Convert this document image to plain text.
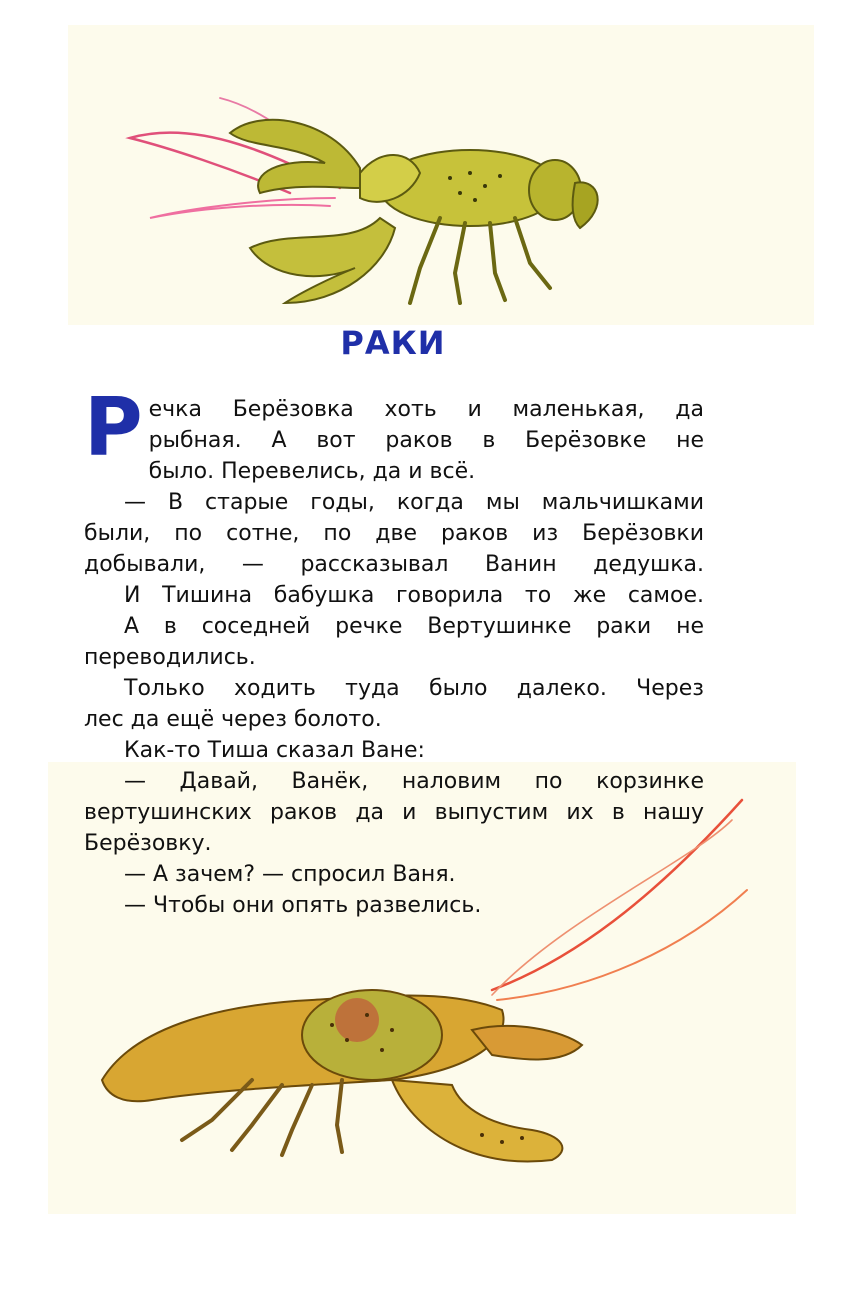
РАКИ

Р ечка Берёзовка хоть и маленькая, да
рыбная. А вот раков в Берёзовке не

было. Перевелись, да и всё.

— В старые годы, когда мы мальчишками

были, по сотне, по две раков из Берёзовки

добывали, — рассказывал Ванин дедушка.

И Тишина бабушка говорила то же самое.

А в соседней речке Вертушинке раки не

переводились.

Только ходить туда было далеко. Через

лес да ещё через болото.

Как-то Тиша сказал Ване:

— Давай, Ванёк, наловим по корзинке

вертушинских раков да и выпустим их в нашу

Берёзовку.

— А зачем? — спросил Ваня.

— Чтобы они опять развелись.
